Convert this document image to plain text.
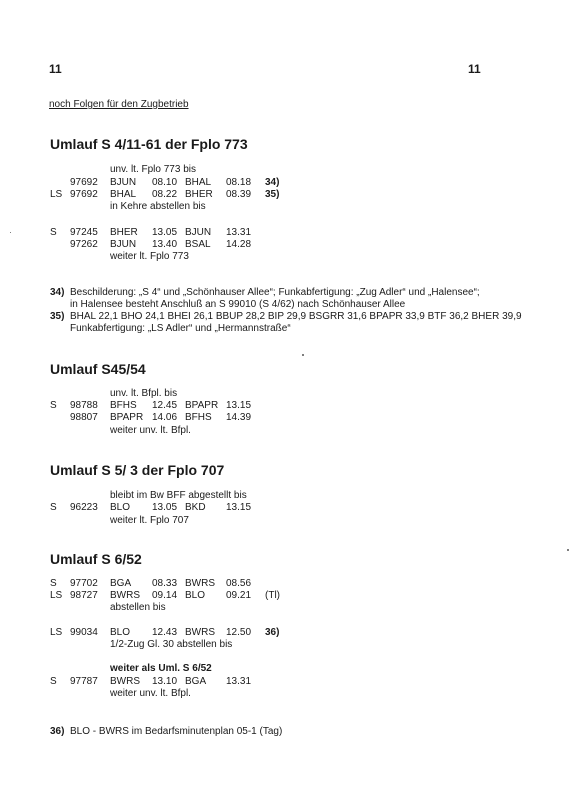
11	11
noch Folgen für den Zugbetrieb
Umlauf S 4/11-61 der Fplo 773
unv. lt. Fplo 773 bis
97692 BJUN 08.10 BHAL 08.18 34)
LS 97692 BHAL 08.22 BHER 08.39 35)
in Kehre abstellen bis
S 97245 BHER 13.05 BJUN 13.31
97262 BJUN 13.40 BSAL 14.28
weiter lt. Fplo 773
34) Beschilderung: „S 4“ und „Schönhauser Allee“; Funkabfertigung: „Zug Adler“ und „Halensee“;
in Halensee besteht Anschluß an S 99010 (S 4/62) nach Schönhauser Allee
35) BHAL 22,1 BHO 24,1 BHEI 26,1 BBUP 28,2 BIP 29,9 BSGRR 31,6 BPAPR 33,9 BTF 36,2 BHER 39,9
Funkabfertigung: „LS Adler“ und „Hermannstraße“
Umlauf S45/54
unv. lt. Bfpl. bis
S 98788 BFHS 12.45 BPAPR 13.15
98807 BPAPR 14.06 BFHS 14.39
weiter unv. lt. Bfpl.
Umlauf S 5/ 3 der Fplo 707
bleibt im Bw BFF abgestellt bis
S 96223 BLO 13.05 BKD 13.15
weiter lt. Fplo 707
Umlauf S 6/52
S 97702 BGA 08.33 BWRS 08.56
LS 98727 BWRS 09.14 BLO 09.21 (Tl)
abstellen bis
LS 99034 BLO 12.43 BWRS 12.50 36)
1/2-Zug Gl. 30 abstellen bis
weiter als Uml. S 6/52
S 97787 BWRS 13.10 BGA 13.31
weiter unv. lt. Bfpl.
36) BLO - BWRS im Bedarfsminutenplan 05-1 (Tag)
